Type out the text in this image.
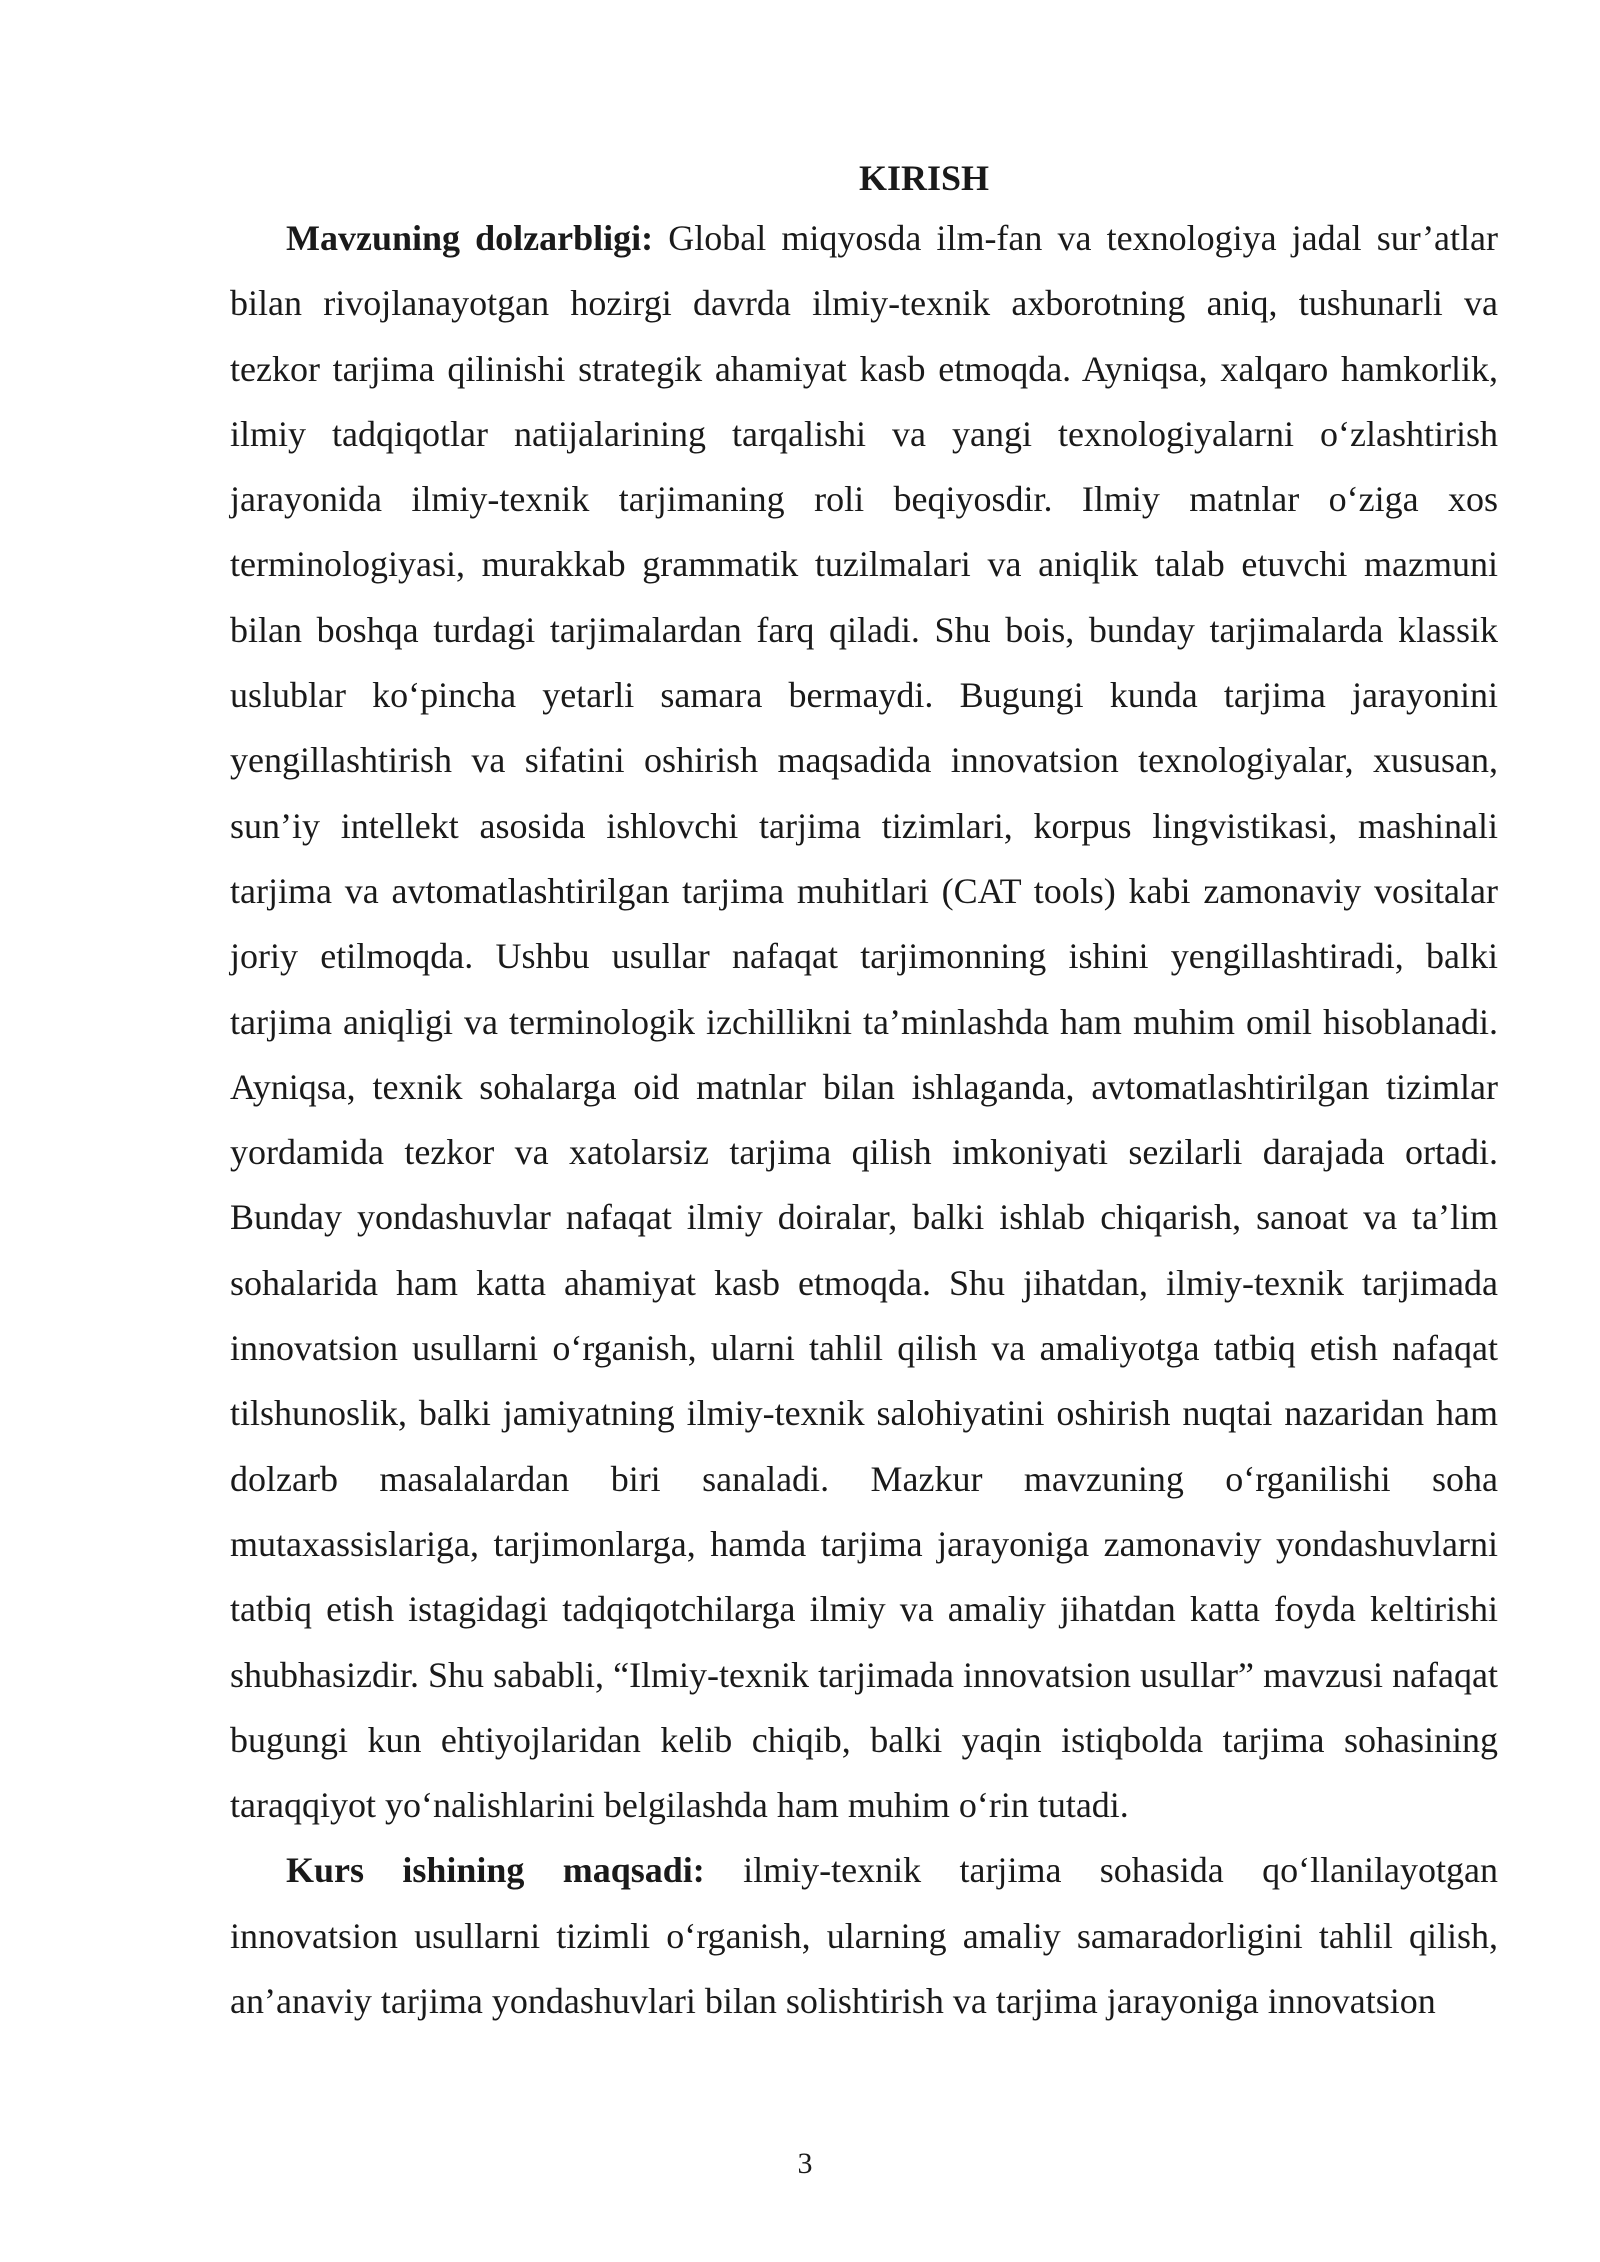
KIRISH

Mavzuning dolzarbligi: Global miqyosda ilm-fan va texnologiya jadal sur’atlar bilan rivojlanayotgan hozirgi davrda ilmiy-texnik axborotning aniq, tushunarli va tezkor tarjima qilinishi strategik ahamiyat kasb etmoqda. Ayniqsa, xalqaro hamkorlik, ilmiy tadqiqotlar natijalarining tarqalishi va yangi texnologiyalarni o‘zlashtirish jarayonida ilmiy-texnik tarjimaning roli beqiyosdir. Ilmiy matnlar o‘ziga xos terminologiyasi, murakkab grammatik tuzilmalari va aniqlik talab etuvchi mazmuni bilan boshqa turdagi tarjimalardan farq qiladi. Shu bois, bunday tarjimalarda klassik uslublar ko‘pincha yetarli samara bermaydi. Bugungi kunda tarjima jarayonini yengillashtirish va sifatini oshirish maqsadida innovatsion texnologiyalar, xususan, sun’iy intellekt asosida ishlovchi tarjima tizimlari, korpus lingvistikasi, mashinali tarjima va avtomatlashtirilgan tarjima muhitlari (CAT tools) kabi zamonaviy vositalar joriy etilmoqda. Ushbu usullar nafaqat tarjimonning ishini yengillashtiradi, balki tarjima aniqligi va terminologik izchillikni ta’minlashda ham muhim omil hisoblanadi. Ayniqsa, texnik sohalarga oid matnlar bilan ishlaganda, avtomatlashtirilgan tizimlar yordamida tezkor va xatolarsiz tarjima qilish imkoniyati sezilarli darajada ortadi. Bunday yondashuvlar nafaqat ilmiy doiralar, balki ishlab chiqarish, sanoat va ta’lim sohalarida ham katta ahamiyat kasb etmoqda. Shu jihatdan, ilmiy-texnik tarjimada innovatsion usullarni o‘rganish, ularni tahlil qilish va amaliyotga tatbiq etish nafaqat tilshunoslik, balki jamiyatning ilmiy-texnik salohiyatini oshirish nuqtai nazaridan ham dolzarb masalalardan biri sanaladi. Mazkur mavzuning o‘rganilishi soha mutaxassislariga, tarjimonlarga, hamda tarjima jarayoniga zamonaviy yondashuvlarni tatbiq etish istagidagi tadqiqotchilarga ilmiy va amaliy jihatdan katta foyda keltirishi shubhasizdir. Shu sababli, “Ilmiy-texnik tarjimada innovatsion usullar” mavzusi nafaqat bugungi kun ehtiyojlaridan kelib chiqib, balki yaqin istiqbolda tarjima sohasining taraqqiyot yo‘nalishlarini belgilashda ham muhim o‘rin tutadi.

Kurs ishining maqsadi: ilmiy-texnik tarjima sohasida qo‘llanilayotgan innovatsion usullarni tizimli o‘rganish, ularning amaliy samaradorligini tahlil qilish, an’anaviy tarjima yondashuvlari bilan solishtirish va tarjima jarayoniga innovatsion

3
